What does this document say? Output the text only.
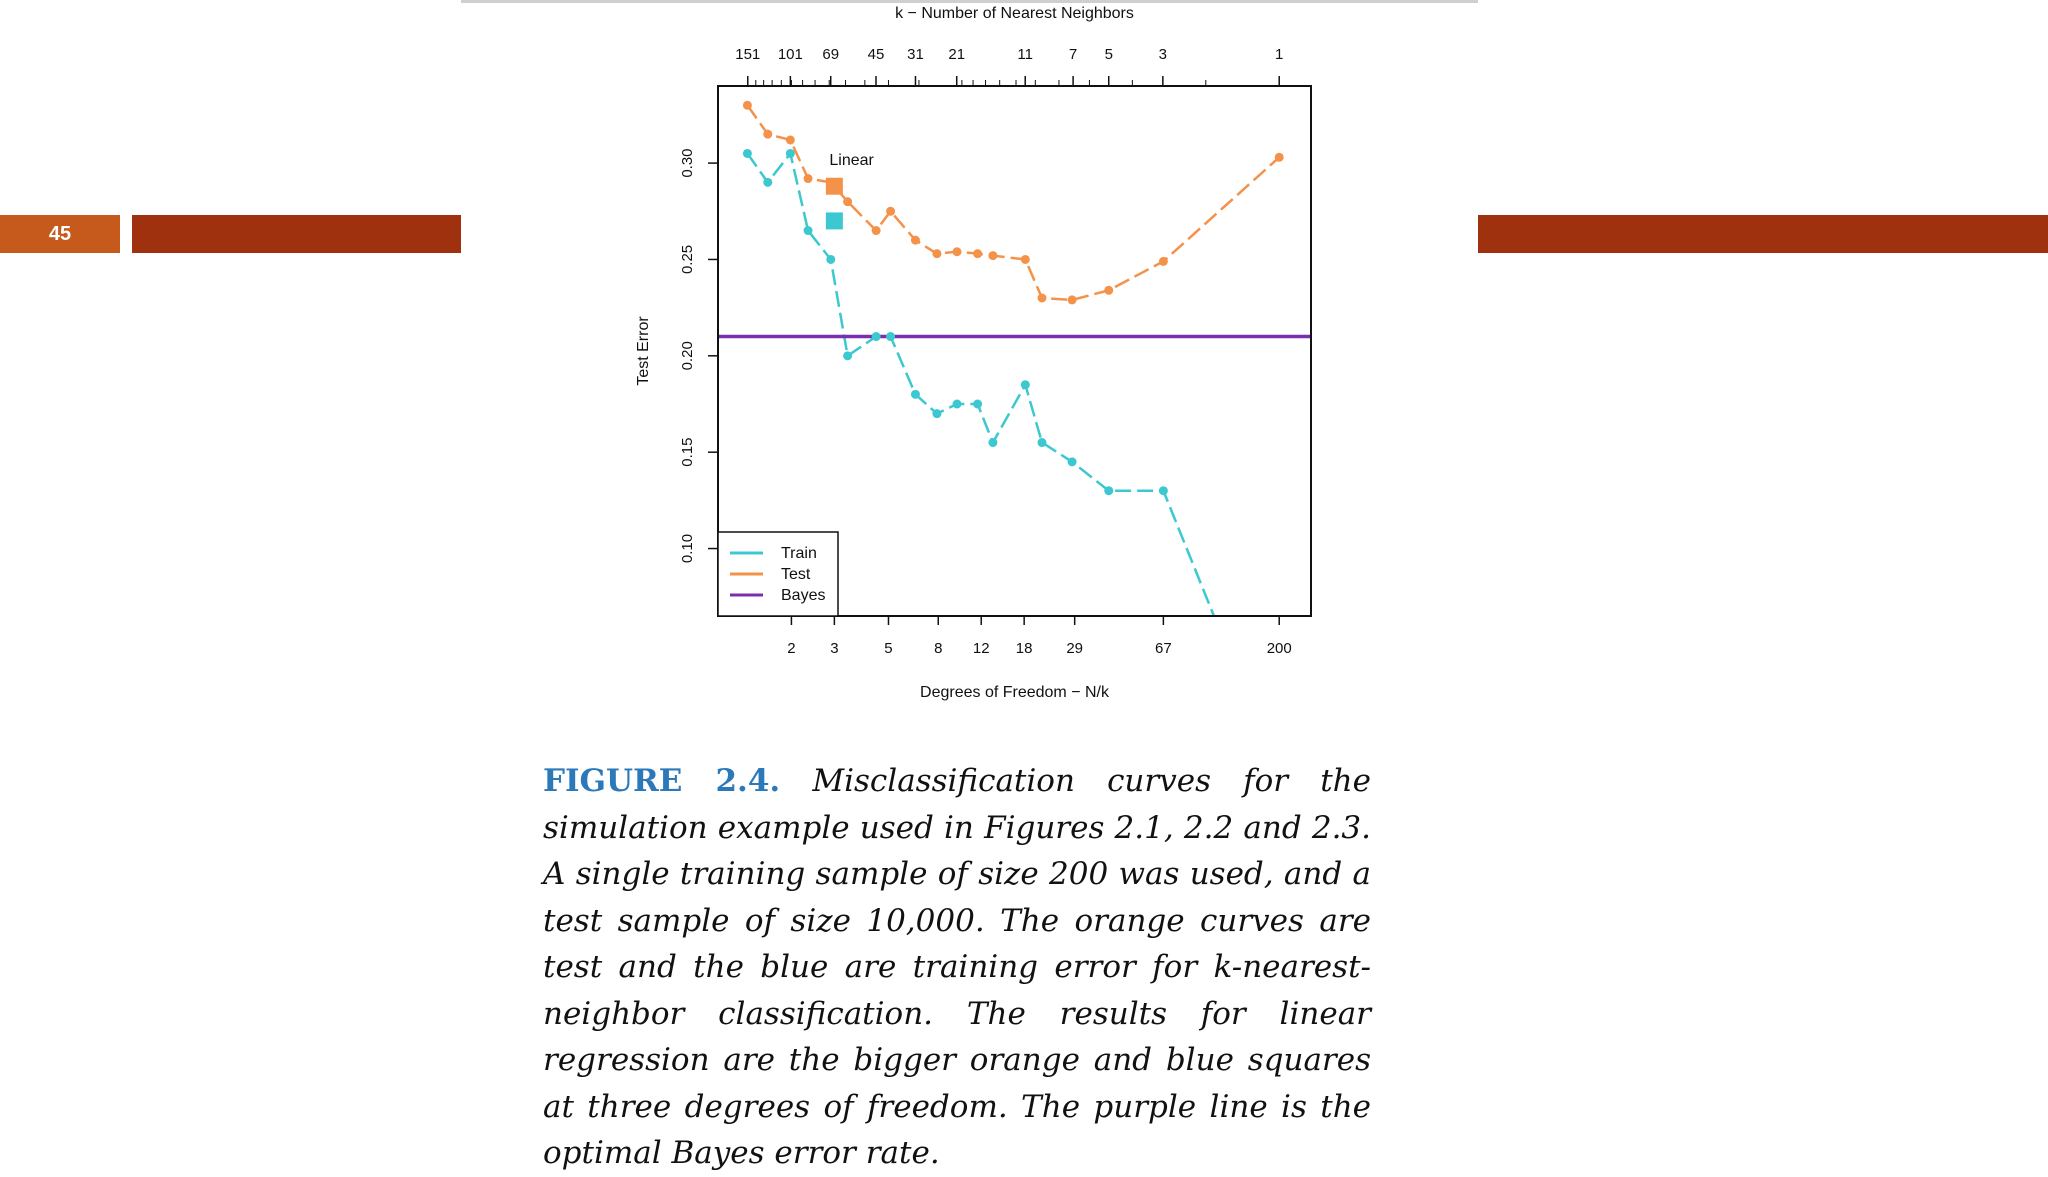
45
k − Number of Nearest Neighbors
151 101 69 45 31 21	11 7 5	3	1
2 3	5	8 12 18 29	67	200
Degrees of Freedom − N/k
0.10
0.15
0.20
0.25
0.30
Test Error
Linear
Train
Test
Bayes

FIGURE 2.4. Misclassification curves for the simulation example used in Figures 2.1, 2.2 and 2.3. A single training sample of size 200 was used, and a test sample of size 10,000. The orange curves are test and the blue are training error for k-nearest-neighbor classification. The results for linear regression are the bigger orange and blue squares at three degrees of freedom. The purple line is the optimal Bayes error rate.
